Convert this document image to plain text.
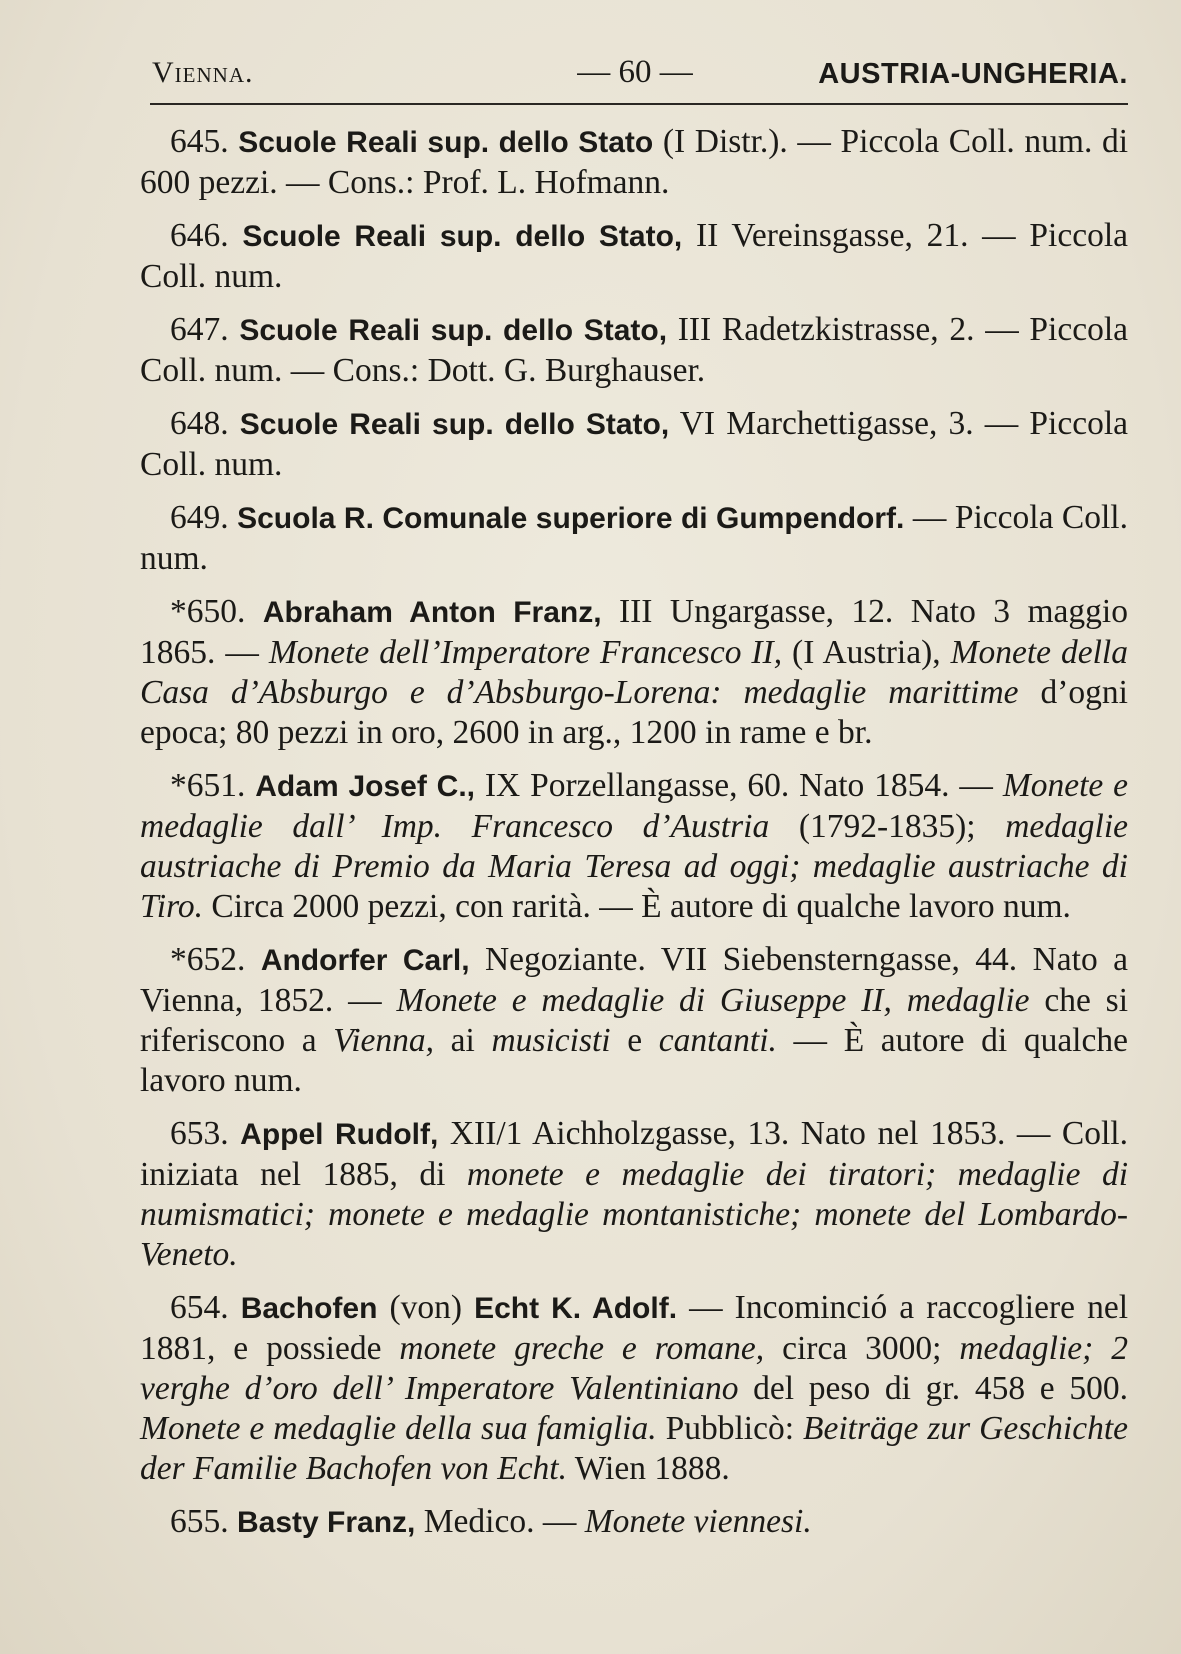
Vienna.	— 60 —	AUSTRIA-UNGHERIA.

645. Scuole Reali sup. dello Stato (I Distr.). — Piccola Coll. num. di 600 pezzi. — Cons.: Prof. L. Hofmann.

646. Scuole Reali sup. dello Stato, II Vereinsgasse, 21. — Piccola Coll. num.

647. Scuole Reali sup. dello Stato, III Radetzkistrasse, 2. — Piccola Coll. num. — Cons.: Dott. G. Burghauser.

648. Scuole Reali sup. dello Stato, VI Marchettigasse, 3. — Piccola Coll. num.

649. Scuola R. Comunale superiore di Gumpendorf. — Piccola Coll. num.

*650. Abraham Anton Franz, III Ungargasse, 12. Nato 3 maggio 1865. — Monete dell’Imperatore Francesco II, (I Austria), Monete della Casa d’Absburgo e d’Absburgo-Lorena: medaglie marittime d’ogni epoca; 80 pezzi in oro, 2600 in arg., 1200 in rame e br.

*651. Adam Josef C., IX Porzellangasse, 60. Nato 1854. — Monete e medaglie dall’ Imp. Francesco d’Austria (1792-1835); medaglie austriache di Premio da Maria Teresa ad oggi; medaglie austriache di Tiro. Circa 2000 pezzi, con rarità. — È autore di qualche lavoro num.

*652. Andorfer Carl, Negoziante. VII Siebensterngasse, 44. Nato a Vienna, 1852. — Monete e medaglie di Giuseppe II, medaglie che si riferiscono a Vienna, ai musicisti e cantanti. — È autore di qualche lavoro num.

653. Appel Rudolf, XII/1 Aichholzgasse, 13. Nato nel 1853. — Coll. iniziata nel 1885, di monete e medaglie dei tiratori; medaglie di numismatici; monete e medaglie montanistiche; monete del Lombardo-Veneto.

654. Bachofen (von) Echt K. Adolf. — Incominció a raccogliere nel 1881, e possiede monete greche e romane, circa 3000; medaglie; 2 verghe d’oro dell’ Imperatore Valentiniano del peso di gr. 458 e 500. Monete e medaglie della sua famiglia. Pubblicò: Beiträge zur Geschichte der Familie Bachofen von Echt. Wien 1888.

655. Basty Franz, Medico. — Monete viennesi.
